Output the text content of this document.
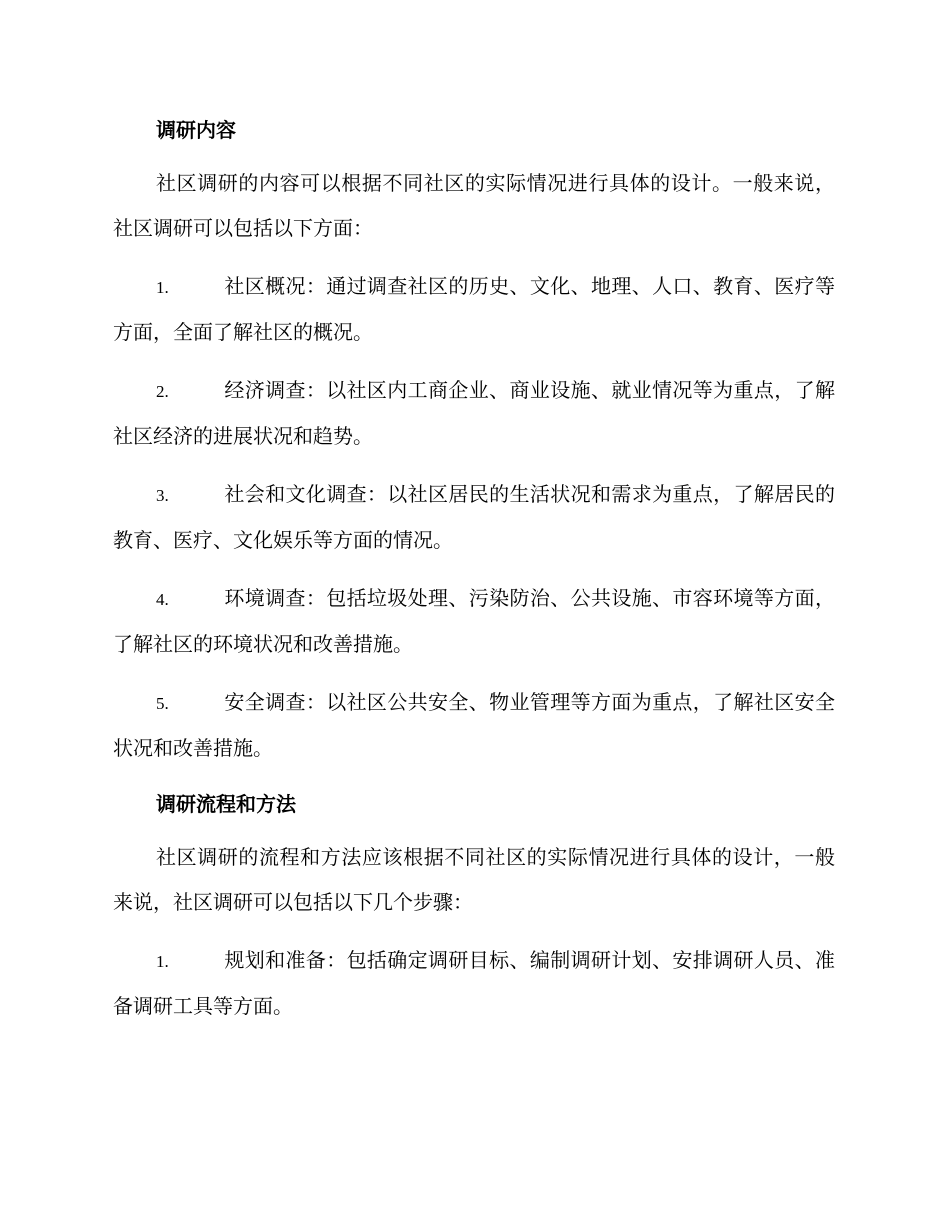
调研内容

社区调研的内容可以根据不同社区的实际情况进行具体的设计。一般来说，社区调研可以包括以下方面：

1.	社区概况：通过调查社区的历史、文化、地理、人口、教育、医疗等方面，全面了解社区的概况。

2.	经济调查：以社区内工商企业、商业设施、就业情况等为重点，了解社区经济的进展状况和趋势。

3.	社会和文化调查：以社区居民的生活状况和需求为重点，了解居民的教育、医疗、文化娱乐等方面的情况。

4.	环境调查：包括垃圾处理、污染防治、公共设施、市容环境等方面，了解社区的环境状况和改善措施。

5.	安全调查：以社区公共安全、物业管理等方面为重点，了解社区安全状况和改善措施。

调研流程和方法

社区调研的流程和方法应该根据不同社区的实际情况进行具体的设计，一般来说，社区调研可以包括以下几个步骤：

1.	规划和准备：包括确定调研目标、编制调研计划、安排调研人员、准备调研工具等方面。
